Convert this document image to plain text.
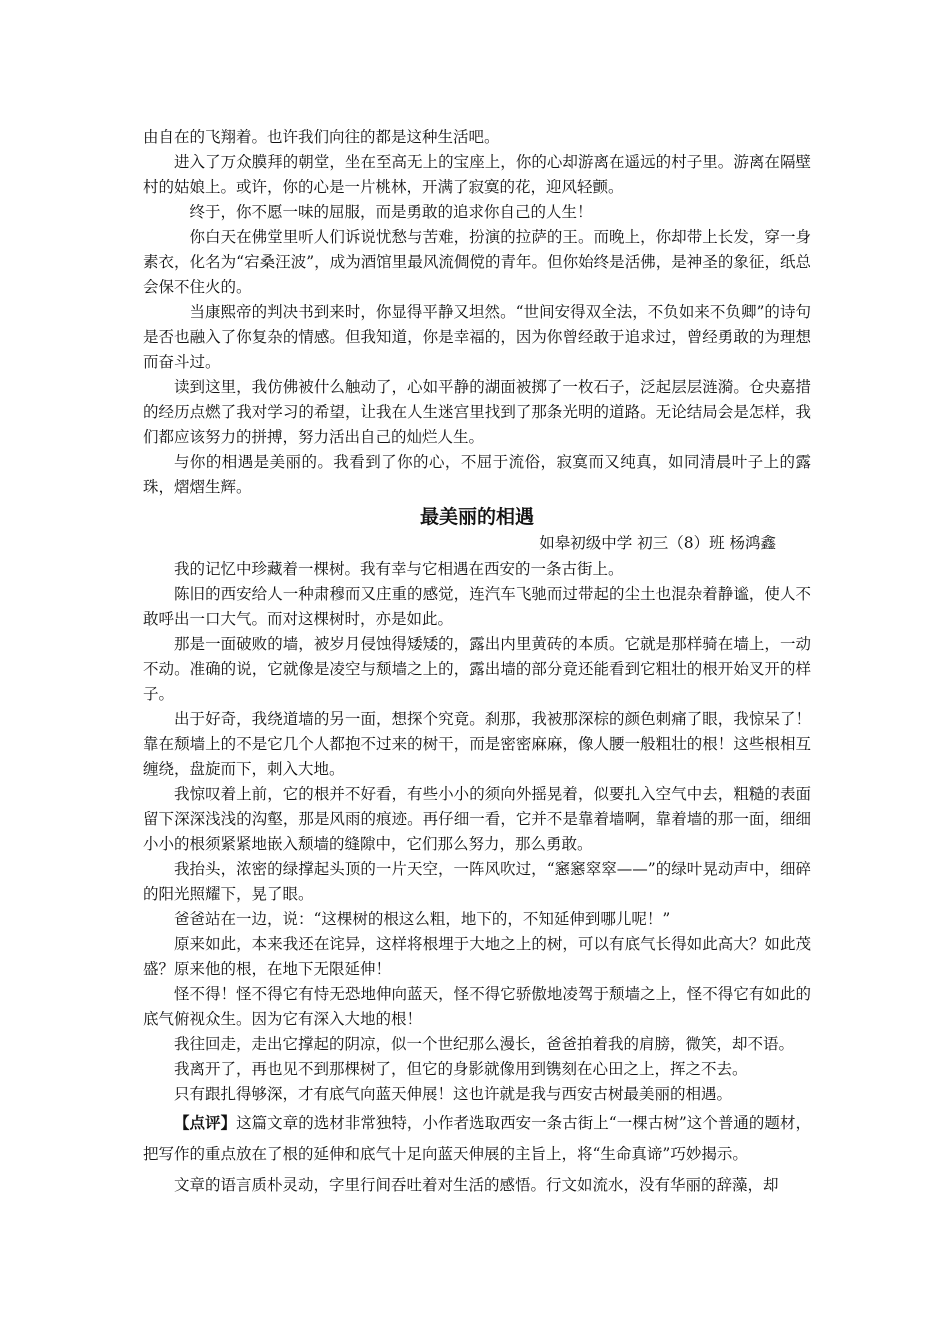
由自在的飞翔着。也许我们向往的都是这种生活吧。

进入了万众膜拜的朝堂，坐在至高无上的宝座上，你的心却游离在遥远的村子里。游离在隔壁村的姑娘上。或许，你的心是一片桃林，开满了寂寞的花，迎风轻颤。

终于，你不愿一味的屈服，而是勇敢的追求你自己的人生！

你白天在佛堂里听人们诉说忧愁与苦难，扮演的拉萨的王。而晚上，你却带上长发，穿一身素衣，化名为“宕桑汪波”，成为酒馆里最风流倜傥的青年。但你始终是活佛，是神圣的象征，纸总会保不住火的。

当康熙帝的判决书到来时，你显得平静又坦然。“世间安得双全法，不负如来不负卿”的诗句是否也融入了你复杂的情感。但我知道，你是幸福的，因为你曾经敢于追求过，曾经勇敢的为理想而奋斗过。

读到这里，我仿佛被什么触动了，心如平静的湖面被掷了一枚石子，泛起层层涟漪。仓央嘉措的经历点燃了我对学习的希望，让我在人生迷宫里找到了那条光明的道路。无论结局会是怎样，我们都应该努力的拼搏，努力活出自己的灿烂人生。

与你的相遇是美丽的。我看到了你的心，不屈于流俗，寂寞而又纯真，如同清晨叶子上的露珠，熠熠生辉。

最美丽的相遇
如皋初级中学 初三（8）班 杨鸿鑫

我的记忆中珍藏着一棵树。我有幸与它相遇在西安的一条古街上。

陈旧的西安给人一种肃穆而又庄重的感觉，连汽车飞驰而过带起的尘土也混杂着静谧，使人不敢呼出一口大气。而对这棵树时，亦是如此。

那是一面破败的墙，被岁月侵蚀得矮矮的，露出内里黄砖的本质。它就是那样骑在墙上，一动不动。准确的说，它就像是凌空与颓墙之上的，露出墙的部分竟还能看到它粗壮的根开始叉开的样子。

出于好奇，我绕道墙的另一面，想探个究竟。刹那，我被那深棕的颜色刺痛了眼，我惊呆了！靠在颓墙上的不是它几个人都抱不过来的树干，而是密密麻麻，像人腰一般粗壮的根！这些根相互缠绕，盘旋而下，刺入大地。

我惊叹着上前，它的根并不好看，有些小小的须向外摇晃着，似要扎入空气中去，粗糙的表面留下深深浅浅的沟壑，那是风雨的痕迹。再仔细一看，它并不是靠着墙啊，靠着墙的那一面，细细小小的根须紧紧地嵌入颓墙的缝隙中，它们那么努力，那么勇敢。

我抬头，浓密的绿撑起头顶的一片天空，一阵风吹过，“窸窸窣窣——”的绿叶晃动声中，细碎的阳光照耀下，晃了眼。

爸爸站在一边，说：“这棵树的根这么粗，地下的，不知延伸到哪儿呢！”

原来如此，本来我还在诧异，这样将根埋于大地之上的树，可以有底气长得如此高大？如此茂盛？原来他的根，在地下无限延伸！

怪不得！怪不得它有恃无恐地伸向蓝天，怪不得它骄傲地凌驾于颓墙之上，怪不得它有如此的底气俯视众生。因为它有深入大地的根！

我往回走，走出它撑起的阴凉，似一个世纪那么漫长，爸爸拍着我的肩膀，微笑，却不语。

我离开了，再也见不到那棵树了，但它的身影就像用到镌刻在心田之上，挥之不去。

只有跟扎得够深，才有底气向蓝天伸展！这也许就是我与西安古树最美丽的相遇。

【点评】这篇文章的选材非常独特，小作者选取西安一条古街上“一棵古树”这个普通的题材，把写作的重点放在了根的延伸和底气十足向蓝天伸展的主旨上，将“生命真谛”巧妙揭示。

文章的语言质朴灵动，字里行间吞吐着对生活的感悟。行文如流水，没有华丽的辞藻，却
